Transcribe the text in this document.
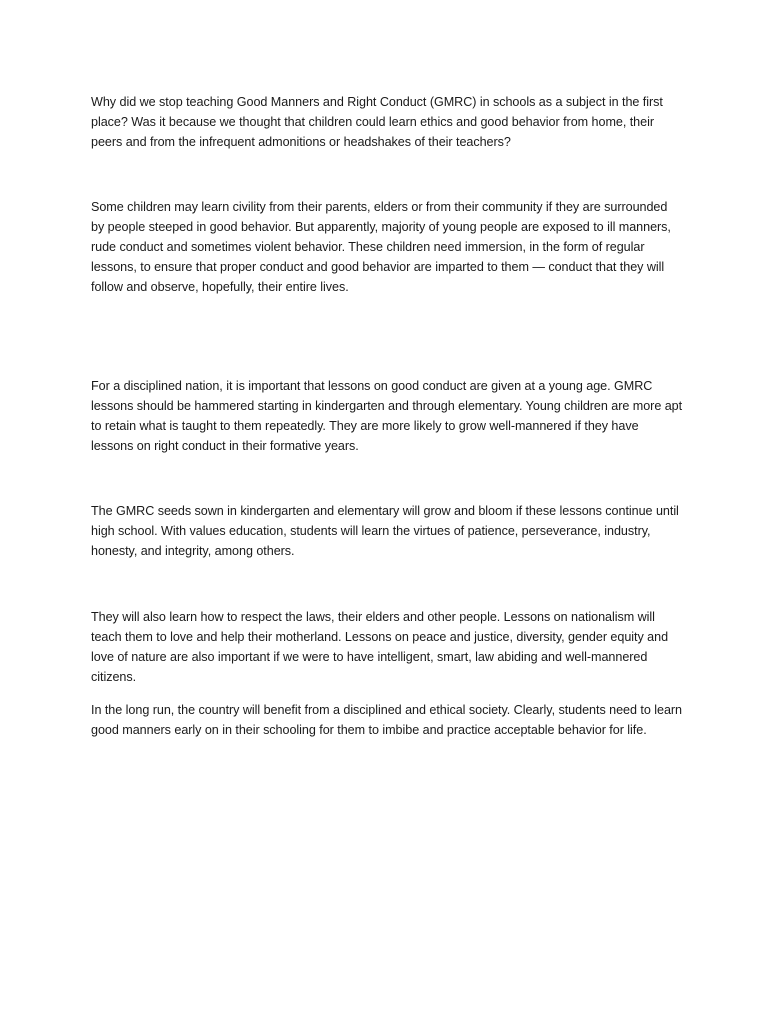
Why did we stop teaching Good Manners and Right Conduct (GMRC) in schools as a subject in the first place? Was it because we thought that children could learn ethics and good behavior from home, their peers and from the infrequent admonitions or headshakes of their teachers?

Some children may learn civility from their parents, elders or from their community if they are surrounded by people steeped in good behavior. But apparently, majority of young people are exposed to ill manners, rude conduct and sometimes violent behavior. These children need immersion, in the form of regular lessons, to ensure that proper conduct and good behavior are imparted to them — conduct that they will follow and observe, hopefully, their entire lives.

For a disciplined nation, it is important that lessons on good conduct are given at a young age. GMRC lessons should be hammered starting in kindergarten and through elementary. Young children are more apt to retain what is taught to them repeatedly. They are more likely to grow well-mannered if they have lessons on right conduct in their formative years.

The GMRC seeds sown in kindergarten and elementary will grow and bloom if these lessons continue until high school. With values education, students will learn the virtues of patience, perseverance, industry, honesty, and integrity, among others.

They will also learn how to respect the laws, their elders and other people. Lessons on nationalism will teach them to love and help their motherland. Lessons on peace and justice, diversity, gender equity and love of nature are also important if we were to have intelligent, smart, law abiding and well-mannered citizens.

In the long run, the country will benefit from a disciplined and ethical society. Clearly, students need to learn good manners early on in their schooling for them to imbibe and practice acceptable behavior for life.
